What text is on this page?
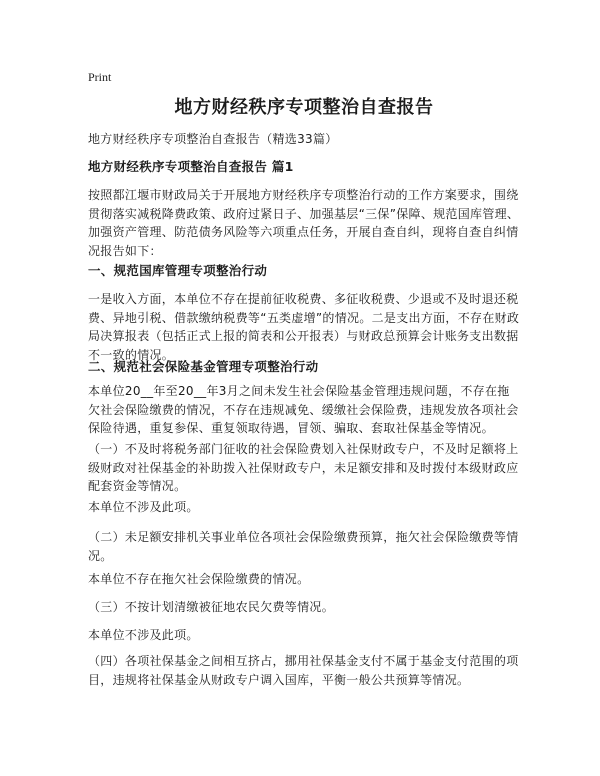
Print
地方财经秩序专项整治自查报告
地方财经秩序专项整治自查报告（精选33篇）
地方财经秩序专项整治自查报告 篇1
按照都江堰市财政局关于开展地方财经秩序专项整治行动的工作方案要求，围绕贯彻落实减税降费政策、政府过紧日子、加强基层“三保”保障、规范国库管理、加强资产管理、防范债务风险等六项重点任务，开展自查自纠，现将自查自纠情况报告如下：
一、规范国库管理专项整治行动
一是收入方面，本单位不存在提前征收税费、多征收税费、少退或不及时退还税费、异地引税、借款缴纳税费等“五类虚增”的情况。二是支出方面，不存在财政局决算报表（包括正式上报的简表和公开报表）与财政总预算会计账务支出数据不一致的情况。
二、规范社会保险基金管理专项整治行动
本单位20__年至20__年3月之间未发生社会保险基金管理违规问题，不存在拖欠社会保险缴费的情况，不存在违规减免、缓缴社会保险费，违规发放各项社会保险待遇，重复参保、重复领取待遇，冒领、骗取、套取社保基金等情况。
（一）不及时将税务部门征收的社会保险费划入社保财政专户，不及时足额将上级财政对社保基金的补助拨入社保财政专户，未足额安排和及时拨付本级财政应配套资金等情况。
本单位不涉及此项。
（二）未足额安排机关事业单位各项社会保险缴费预算，拖欠社会保险缴费等情况。
本单位不存在拖欠社会保险缴费的情况。
（三）不按计划清缴被征地农民欠费等情况。
本单位不涉及此项。
（四）各项社保基金之间相互挤占，挪用社保基金支付不属于基金支付范围的项目，违规将社保基金从财政专户调入国库，平衡一般公共预算等情况。
